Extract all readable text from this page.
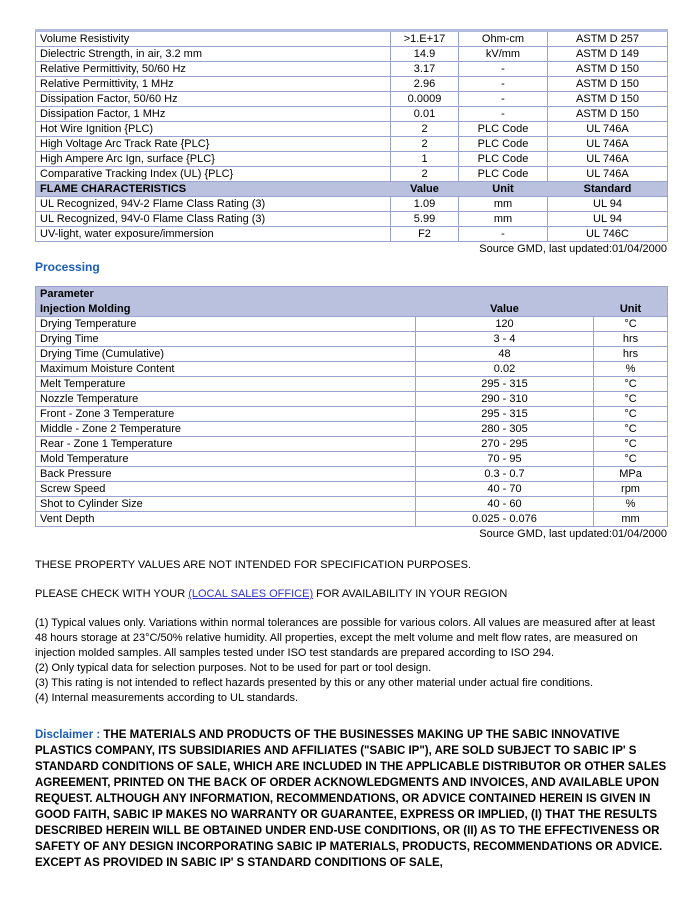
Volume Resistivity	>1.E+17	Ohm-cm	ASTM D 257
Dielectric Strength, in air, 3.2 mm	14.9	kV/mm	ASTM D 149
Relative Permittivity, 50/60 Hz	3.17	-	ASTM D 150
Relative Permittivity, 1 MHz	2.96	-	ASTM D 150
Dissipation Factor, 50/60 Hz	0.0009	-	ASTM D 150
Dissipation Factor, 1 MHz	0.01	-	ASTM D 150
Hot Wire Ignition {PLC)	2	PLC Code	UL 746A
High Voltage Arc Track Rate {PLC}	2	PLC Code	UL 746A
High Ampere Arc Ign, surface {PLC}	1	PLC Code	UL 746A
Comparative Tracking Index (UL) {PLC}	2	PLC Code	UL 746A
FLAME CHARACTERISTICS	Value	Unit	Standard
UL Recognized, 94V-2 Flame Class Rating (3)	1.09	mm	UL 94
UL Recognized, 94V-0 Flame Class Rating (3)	5.99	mm	UL 94
UV-light, water exposure/immersion	F2	-	UL 746C
Source GMD, last updated:01/04/2000
Processing
Parameter		
Injection Molding	Value	Unit
Drying Temperature	120	°C
Drying Time	3 - 4	hrs
Drying Time (Cumulative)	48	hrs
Maximum Moisture Content	0.02	%
Melt Temperature	295 - 315	°C
Nozzle Temperature	290 - 310	°C
Front - Zone 3 Temperature	295 - 315	°C
Middle - Zone 2 Temperature	280 - 305	°C
Rear - Zone 1 Temperature	270 - 295	°C
Mold Temperature	70 - 95	°C
Back Pressure	0.3 - 0.7	MPa
Screw Speed	40 - 70	rpm
Shot to Cylinder Size	40 - 60	%
Vent Depth	0.025 - 0.076	mm
Source GMD, last updated:01/04/2000
THESE PROPERTY VALUES ARE NOT INTENDED FOR SPECIFICATION PURPOSES.
PLEASE CHECK WITH YOUR (LOCAL SALES OFFICE) FOR AVAILABILITY IN YOUR REGION
(1) Typical values only. Variations within normal tolerances are possible for various colors. All values are measured after at least 48 hours storage at 23°C/50% relative humidity. All properties, except the melt volume and melt flow rates, are measured on injection molded samples. All samples tested under ISO test standards are prepared according to ISO 294.
(2) Only typical data for selection purposes. Not to be used for part or tool design.
(3) This rating is not intended to reflect hazards presented by this or any other material under actual fire conditions.
(4) Internal measurements according to UL standards.
Disclaimer : THE MATERIALS AND PRODUCTS OF THE BUSINESSES MAKING UP THE SABIC INNOVATIVE PLASTICS COMPANY, ITS SUBSIDIARIES AND AFFILIATES ("SABIC IP"), ARE SOLD SUBJECT TO SABIC IP' S STANDARD CONDITIONS OF SALE, WHICH ARE INCLUDED IN THE APPLICABLE DISTRIBUTOR OR OTHER SALES AGREEMENT, PRINTED ON THE BACK OF ORDER ACKNOWLEDGMENTS AND INVOICES, AND AVAILABLE UPON REQUEST. ALTHOUGH ANY INFORMATION, RECOMMENDATIONS, OR ADVICE CONTAINED HEREIN IS GIVEN IN GOOD FAITH, SABIC IP MAKES NO WARRANTY OR GUARANTEE, EXPRESS OR IMPLIED, (I) THAT THE RESULTS DESCRIBED HEREIN WILL BE OBTAINED UNDER END-USE CONDITIONS, OR (II) AS TO THE EFFECTIVENESS OR SAFETY OF ANY DESIGN INCORPORATING SABIC IP MATERIALS, PRODUCTS, RECOMMENDATIONS OR ADVICE. EXCEPT AS PROVIDED IN SABIC IP' S STANDARD CONDITIONS OF SALE,
